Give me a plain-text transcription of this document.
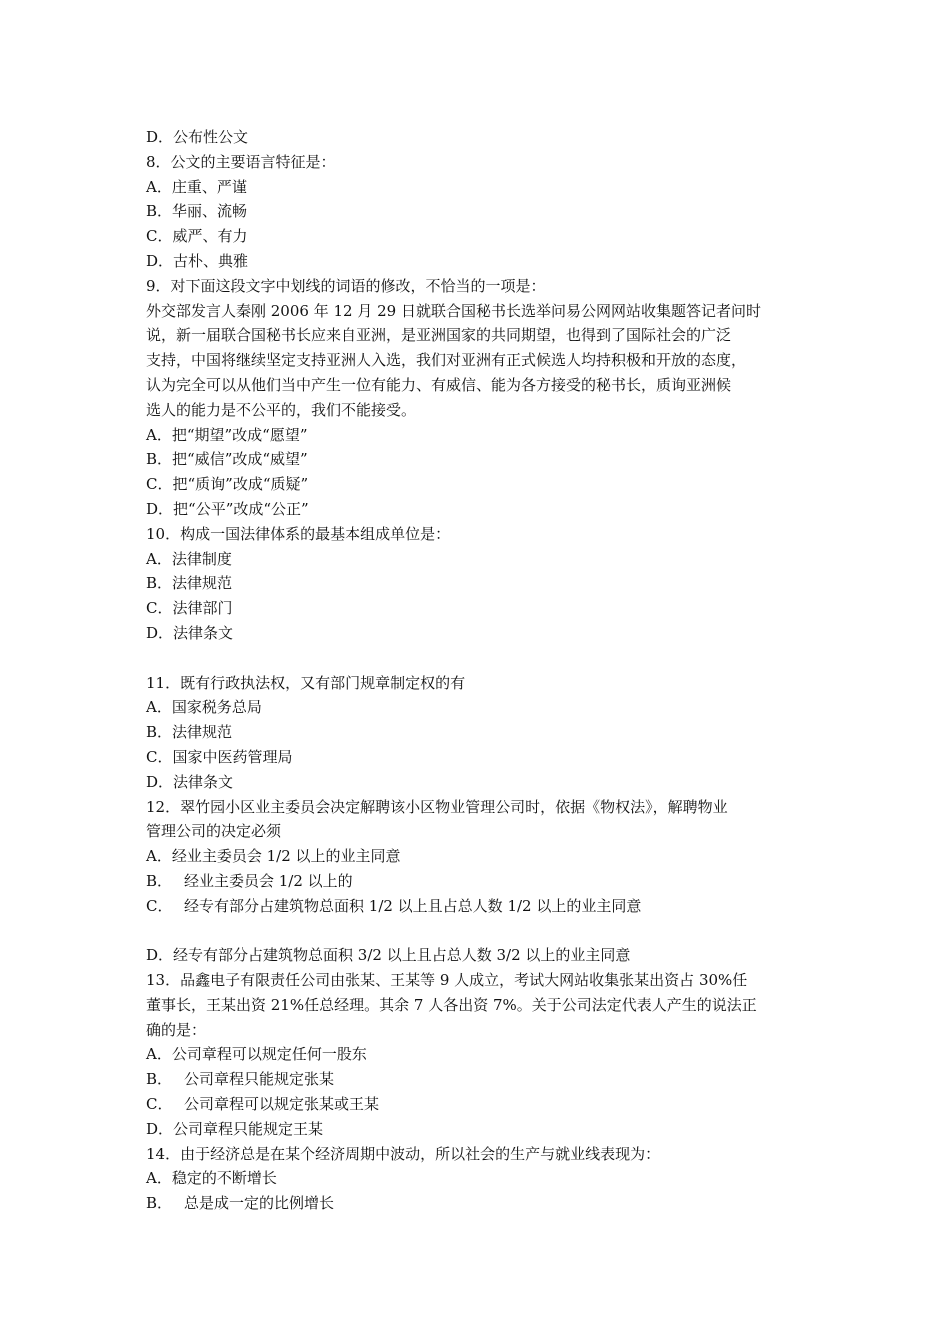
D．公布性公文
8．公文的主要语言特征是：
A．庄重、严谨
B．华丽、流畅
C．威严、有力
D．古朴、典雅
9．对下面这段文字中划线的词语的修改，不恰当的一项是：
外交部发言人秦刚 2006 年 12 月 29 日就联合国秘书长选举问易公网网站收集题答记者问时
说，新一届联合国秘书长应来自亚洲，是亚洲国家的共同期望，也得到了国际社会的广泛
支持，中国将继续坚定支持亚洲人入选，我们对亚洲有正式候选人均持积极和开放的态度，
认为完全可以从他们当中产生一位有能力、有威信、能为各方接受的秘书长，质询亚洲候
选人的能力是不公平的，我们不能接受。
A．把“期望”改成“愿望”
B．把“威信”改成“威望”
C．把“质询”改成“质疑”
D．把“公平”改成“公正”
10．构成一国法律体系的最基本组成单位是：
A．法律制度
B．法律规范
C．法律部门
D．法律条文
11．既有行政执法权，又有部门规章制定权的有
A．国家税务总局
B．法律规范
C．国家中医药管理局
D．法律条文
12．翠竹园小区业主委员会决定解聘该小区物业管理公司时，依据《物权法》，解聘物业
管理公司的决定必须
A．经业主委员会 1/2 以上的业主同意
B． 经业主委员会 1/2 以上的
C． 经专有部分占建筑物总面积 1/2 以上且占总人数 1/2 以上的业主同意
D．经专有部分占建筑物总面积 3/2 以上且占总人数 3/2 以上的业主同意
13．品鑫电子有限责任公司由张某、王某等 9 人成立，考试大网站收集张某出资占 30%任
董事长，王某出资 21%任总经理。其余 7 人各出资 7%。关于公司法定代表人产生的说法正
确的是：
A．公司章程可以规定任何一股东
B． 公司章程只能规定张某
C． 公司章程可以规定张某或王某
D．公司章程只能规定王某
14．由于经济总是在某个经济周期中波动，所以社会的生产与就业线表现为：
A．稳定的不断增长
B． 总是成一定的比例增长
